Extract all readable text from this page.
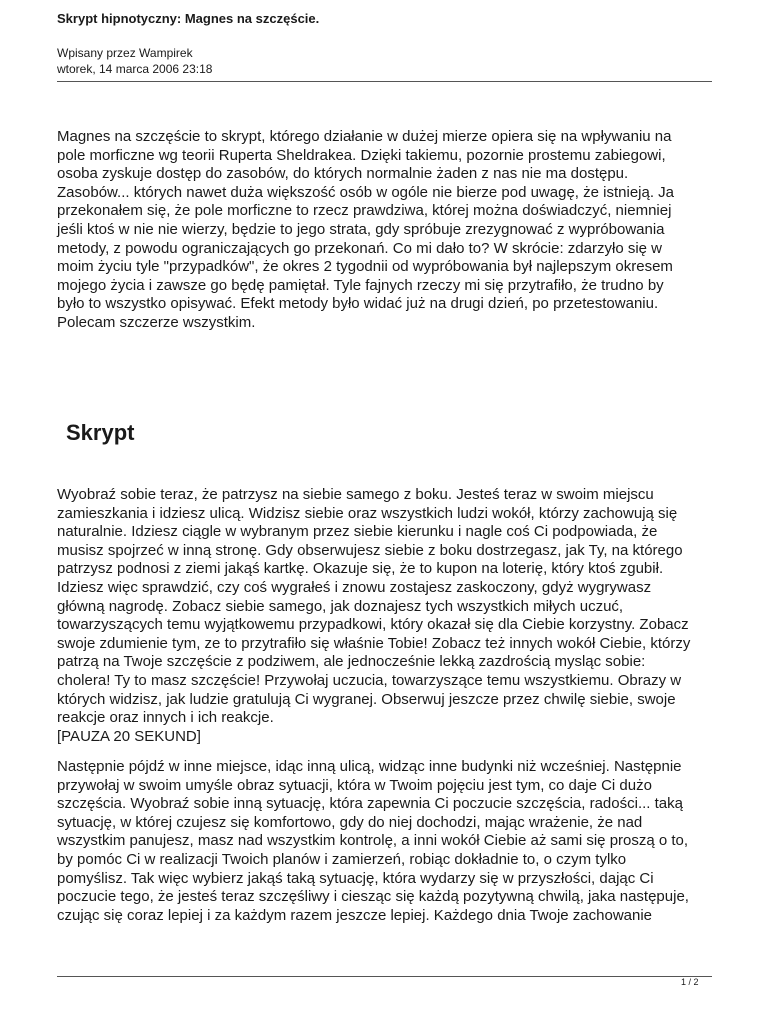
Skrypt hipnotyczny: Magnes na szczęście.
Wpisany przez Wampirek
wtorek, 14 marca 2006 23:18

Magnes na szczęście to skrypt, którego działanie w dużej mierze opiera się na wpływaniu na
pole morficzne wg teorii Ruperta Sheldrakea. Dzięki takiemu, pozornie prostemu zabiegowi,
osoba zyskuje dostęp do zasobów, do których normalnie żaden z nas nie ma dostępu.
Zasobów... których nawet duża większość osób w ogóle nie bierze pod uwagę, że istnieją. Ja
przekonałem się, że pole morficzne to rzecz prawdziwa, której można doświadczyć, niemniej
jeśli ktoś w nie nie wierzy, będzie to jego strata, gdy spróbuje zrezygnować z wypróbowania
metody, z powodu ograniczających go przekonań. Co mi dało to? W skrócie: zdarzyło się w
moim życiu tyle "przypadków", że okres 2 tygodnii od wypróbowania był najlepszym okresem
mojego życia i zawsze go będę pamiętał. Tyle fajnych rzeczy mi się przytrafiło, że trudno by
było to wszystko opisywać. Efekt metody było widać już na drugi dzień, po przetestowaniu.
Polecam szczerze wszystkim.

Skrypt

Wyobraź sobie teraz, że patrzysz na siebie samego z boku. Jesteś teraz w swoim miejscu
zamieszkania i idziesz ulicą. Widzisz siebie oraz wszystkich ludzi wokół, którzy zachowują się
naturalnie. Idziesz ciągle w wybranym przez siebie kierunku i nagle coś Ci podpowiada, że
musisz spojrzeć w inną stronę. Gdy obserwujesz siebie z boku dostrzegasz, jak Ty, na którego
patrzysz podnosi z ziemi jakąś kartkę. Okazuje się, że to kupon na loterię, który ktoś zgubił.
Idziesz więc sprawdzić, czy coś wygrałeś i znowu zostajesz zaskoczony, gdyż wygrywasz
główną nagrodę. Zobacz siebie samego, jak doznajesz tych wszystkich miłych uczuć,
towarzyszących temu wyjątkowemu przypadkowi, który okazał się dla Ciebie korzystny. Zobacz
swoje zdumienie tym, ze to przytrafiło się właśnie Tobie! Zobacz też innych wokół Ciebie, którzy
patrzą na Twoje szczęście z podziwem, ale jednocześnie lekką zazdrością mysląc sobie:
cholera! Ty to masz szczęście! Przywołaj uczucia, towarzyszące temu wszystkiemu. Obrazy w
których widzisz, jak ludzie gratulują Ci wygranej. Obserwuj jeszcze przez chwilę siebie, swoje
reakcje oraz innych i ich reakcje.
[PAUZA 20 SEKUND]

Następnie pójdź w inne miejsce, idąc inną ulicą, widząc inne budynki niż wcześniej. Następnie
przywołaj w swoim umyśle obraz sytuacji, która w Twoim pojęciu jest tym, co daje Ci dużo
szczęścia. Wyobraź sobie inną sytuację, która zapewnia Ci poczucie szczęścia, radości... taką
sytuację, w której czujesz się komfortowo, gdy do niej dochodzi, mając wrażenie, że nad
wszystkim panujesz, masz nad wszystkim kontrolę, a inni wokół Ciebie aż sami się proszą o to,
by pomóc Ci w realizacji Twoich planów i zamierzeń, robiąc dokładnie to, o czym tylko
pomyślisz. Tak więc wybierz jakąś taką sytuację, która wydarzy się w przyszłości, dając Ci
poczucie tego, że jesteś teraz szczęśliwy i ciesząc się każdą pozytywną chwilą, jaka następuje,
czując się coraz lepiej i za każdym razem jeszcze lepiej. Każdego dnia Twoje zachowanie

1 / 2
